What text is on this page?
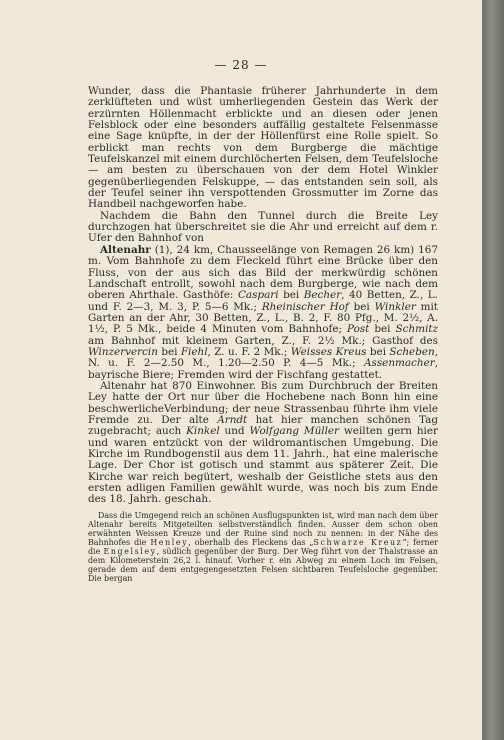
— 28 —

Wunder, dass die Phantasie früherer Jahrhunderte in dem zerklüfteten und wüst umherliegenden Gestein das Werk der erzürnten Höllenmacht erblickte und an diesen oder jenen Felsblock oder eine besonders auffällig gestaltete Felsenmasse eine Sage knüpfte, in der der Höllenfürst eine Rolle spielt. So erblickt man rechts von dem Burgberge die mächtige Teufelskanzel mit einem durchlöcherten Felsen, dem Teufelsloche — am besten zu überschauen von der dem Hotel Winkler gegenüberliegenden Felskuppe, — das entstanden sein soll, als der Teufel seiner ihn verspottenden Grossmutter im Zorne das Handbeil nachgeworfen habe.

Nachdem die Bahn den Tunnel durch die Breite Ley durchzogen hat überschreitet sie die Ahr und erreicht auf dem r. Ufer den Bahnhof von

Altenahr (1), 24 km, Chausseelänge von Remagen 26 km) 167 m. Vom Bahnhofe zu dem Fleckeld führt eine Brücke über den Fluss, von der aus sich das Bild der merkwürdig schönen Landschaft entrollt, sowohl nach dem Burgberge, wie nach dem oberen Ahrthale. Gasthöfe: Caspari bei Becher, 40 Betten, Z., L. und F. 2—3, M. 3, P. 5—6 Mk.; Rheinischer Hof bei Winkler mit Garten an der Ahr, 30 Betten, Z., L., B. 2, F. 80 Pfg., M. 2½, A. 1½, P. 5 Mk., beide 4 Minuten vom Bahnhofe; Post bei Schmitz am Bahnhof mit kleinem Garten, Z., F. 2½ Mk.; Gasthof des Winzervercin bei Fiehl, Z. u. F. 2 Mk.; Weisses Kreus bei Scheben, N. u. F. 2—2.50 M., 1.20—2.50 P. 4—5 Mk.; Assenmacher, bayrische Biere; Fremden wird der Fischfang gestattet.

Altenahr hat 870 Einwohner. Bis zum Durchbruch der Breiten Ley hatte der Ort nur über die Hochebene nach Bonn hin eine beschwerlicheVerbindung; der neue Strassenbau führte ihm viele Fremde zu. Der alte Arndt hat hier manchen schönen Tag zugebracht; auch Kinkel und Wolfgang Müller weilten gern hier und waren entzückt von der wildromantischen Umgebung. Die Kirche im Rundbogenstil aus dem 11. Jahrh., hat eine malerische Lage. Der Chor ist gotisch und stammt aus späterer Zeit. Die Kirche war reich begütert, weshalb der Geistliche stets aus den ersten adligen Familien gewählt wurde, was noch bis zum Ende des 18. Jahrh. geschah.

Dass die Umgegend reich an schönen Ausflugspunkten ist, wird man nach dem über Altenahr bereits Mitgeteilten selbstverständlich finden. Ausser dem schon oben erwähnten Weissen Kreuze und der Ruine sind noch zu nennen: in der Nähe des Bahnhofes die Henley, oberhalb des Fleckens das „Schwarze Kreuz“; ferner die Engelsley, südlich gegenüber der Burg. Der Weg führt von der Thalstrasse an dem Kilometerstein 26,2 l. hinauf. Vorher r. ein Abweg zu einem Loch im Felsen, gerade dem auf dem entgegengesetzten Felsen sichtbaren Teufelsloche gegenüber. Die bergan
